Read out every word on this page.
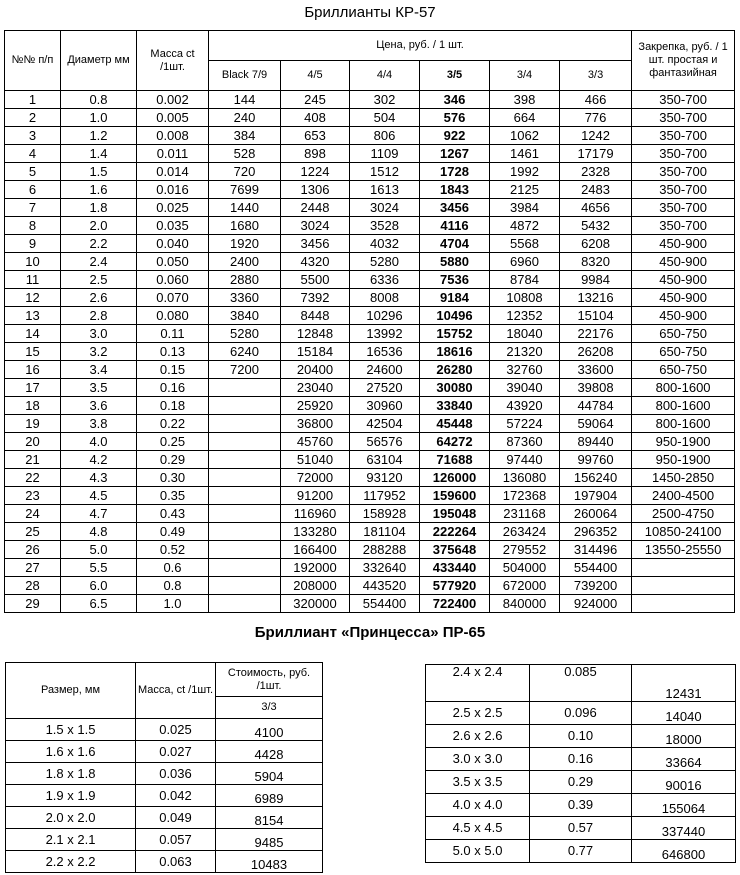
Бриллианты КР-57
№№ п/п	Диаметр мм	Масса ct /1шт.	Цена, руб. / 1 шт.						Закрепка, руб. / 1 шт. простая и фантазийная
			Black 7/9	4/5	4/4	3/5	3/4	3/3	
1	0.8	0.002	144	245	302	346	398	466	350-700
2	1.0	0.005	240	408	504	576	664	776	350-700
3	1.2	0.008	384	653	806	922	1062	1242	350-700
4	1.4	0.011	528	898	1109	1267	1461	17179	350-700
5	1.5	0.014	720	1224	1512	1728	1992	2328	350-700
6	1.6	0.016	7699	1306	1613	1843	2125	2483	350-700
7	1.8	0.025	1440	2448	3024	3456	3984	4656	350-700
8	2.0	0.035	1680	3024	3528	4116	4872	5432	350-700
9	2.2	0.040	1920	3456	4032	4704	5568	6208	450-900
10	2.4	0.050	2400	4320	5280	5880	6960	8320	450-900
11	2.5	0.060	2880	5500	6336	7536	8784	9984	450-900
12	2.6	0.070	3360	7392	8008	9184	10808	13216	450-900
13	2.8	0.080	3840	8448	10296	10496	12352	15104	450-900
14	3.0	0.11	5280	12848	13992	15752	18040	22176	650-750
15	3.2	0.13	6240	15184	16536	18616	21320	26208	650-750
16	3.4	0.15	7200	20400	24600	26280	32760	33600	650-750
17	3.5	0.16		23040	27520	30080	39040	39808	800-1600
18	3.6	0.18		25920	30960	33840	43920	44784	800-1600
19	3.8	0.22		36800	42504	45448	57224	59064	800-1600
20	4.0	0.25		45760	56576	64272	87360	89440	950-1900
21	4.2	0.29		51040	63104	71688	97440	99760	950-1900
22	4.3	0.30		72000	93120	126000	136080	156240	1450-2850
23	4.5	0.35		91200	117952	159600	172368	197904	2400-4500
24	4.7	0.43		116960	158928	195048	231168	260064	2500-4750
25	4.8	0.49		133280	181104	222264	263424	296352	10850-24100
26	5.0	0.52		166400	288288	375648	279552	314496	13550-25550
27	5.5	0.6		192000	332640	433440	504000	554400	
28	6.0	0.8		208000	443520	577920	672000	739200	
29	6.5	1.0		320000	554400	722400	840000	924000	
Бриллиант «Принцесса» ПР-65
Размер, мм	Масса, ct /1шт.	Стоимость, руб. /1шт.
		3/3
1.5 x 1.5	0.025	4100
1.6 x 1.6	0.027	4428
1.8 x 1.8	0.036	5904
1.9 x 1.9	0.042	6989
2.0 x 2.0	0.049	8154
2.1 x 2.1	0.057	9485
2.2 x 2.2	0.063	10483
2.4 x 2.4	0.085	12431
2.5 x 2.5	0.096	14040
2.6 x 2.6	0.10	18000
3.0 x 3.0	0.16	33664
3.5 x 3.5	0.29	90016
4.0 x 4.0	0.39	155064
4.5 x 4.5	0.57	337440
5.0 x 5.0	0.77	646800
